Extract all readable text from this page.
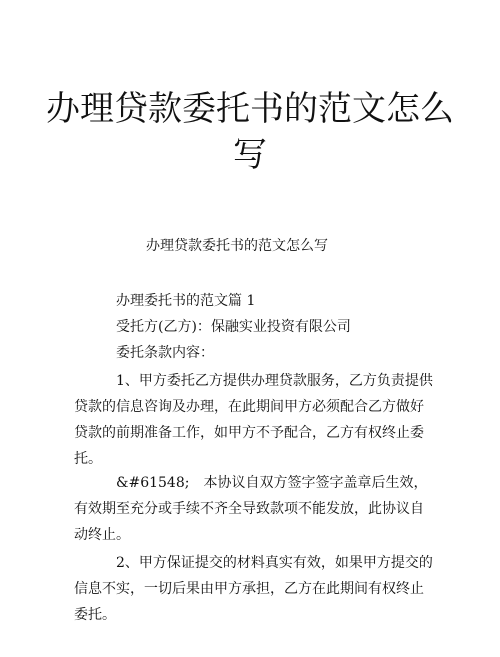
办理贷款委托书的范文怎么写

办理贷款委托书的范文怎么写

办理委托书的范文篇 1

受托方(乙方)：保融实业投资有限公司

委托条款内容：

1、甲方委托乙方提供办理贷款服务，乙方负责提供贷款的信息咨询及办理，在此期间甲方必须配合乙方做好贷款的前期准备工作，如甲方不予配合，乙方有权终止委托。

&#61548;　本协议自双方签字签字盖章后生效，有效期至充分或手续不齐全导致款项不能发放，此协议自动终止。

2、甲方保证提交的材料真实有效，如果甲方提交的信息不实，一切后果由甲方承担，乙方在此期间有权终止委托。
